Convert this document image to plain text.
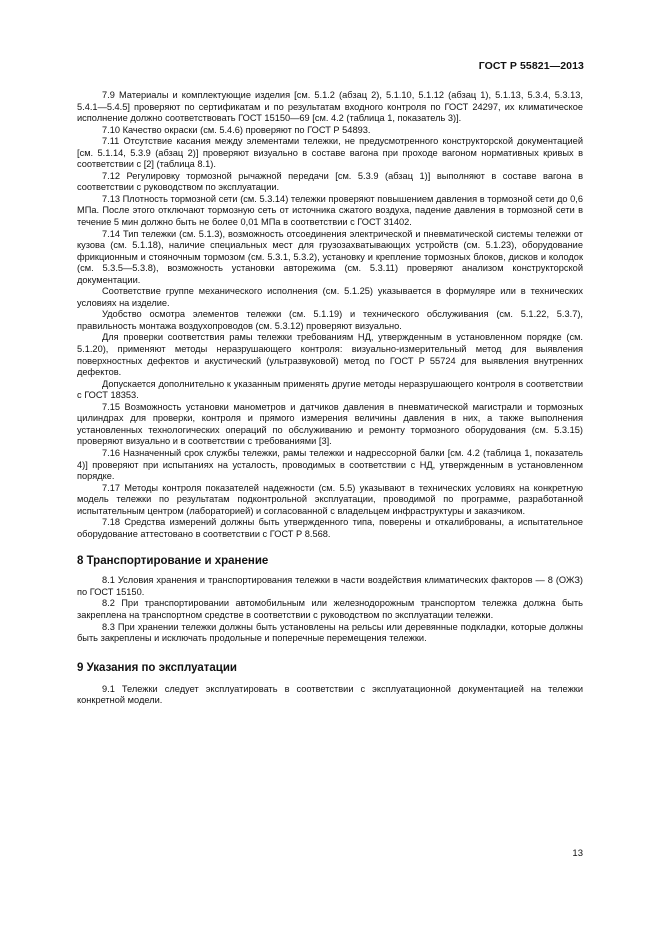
ГОСТ Р 55821—2013

7.9 Материалы и комплектующие изделия [см. 5.1.2 (абзац 2), 5.1.10, 5.1.12 (абзац 1), 5.1.13, 5.3.4, 5.3.13, 5.4.1—5.4.5] проверяют по сертификатам и по результатам входного контроля по ГОСТ 24297, их климатическое исполнение должно соответствовать ГОСТ 15150—69 [см. 4.2 (таблица 1, показатель 3)].

7.10 Качество окраски (см. 5.4.6) проверяют по ГОСТ Р 54893.

7.11 Отсутствие касания между элементами тележки, не предусмотренного конструкторской документацией [см. 5.1.14, 5.3.9 (абзац 2)] проверяют визуально в составе вагона при проходе вагоном нормативных кривых в соответствии с [2] (таблица 8.1).

7.12 Регулировку тормозной рычажной передачи [см. 5.3.9 (абзац 1)] выполняют в составе вагона в соответствии с руководством по эксплуатации.

7.13 Плотность тормозной сети (см. 5.3.14) тележки проверяют повышением давления в тормозной сети до 0,6 МПа. После этого отключают тормозную сеть от источника сжатого воздуха, падение давления в тормозной сети в течение 5 мин должно быть не более 0,01 МПа в соответствии с ГОСТ 31402.

7.14 Тип тележки (см. 5.1.3), возможность отсоединения электрической и пневматической системы тележки от кузова (см. 5.1.18), наличие специальных мест для грузозахватывающих устройств (см. 5.1.23), оборудование фрикционным и стояночным тормозом (см. 5.3.1, 5.3.2), установку и крепление тормозных блоков, дисков и колодок (см. 5.3.5—5.3.8), возможность установки авторежима (см. 5.3.11) проверяют анализом конструкторской документации.

Соответствие группе механического исполнения (см. 5.1.25) указывается в формуляре или в технических условиях на изделие.

Удобство осмотра элементов тележки (см. 5.1.19) и технического обслуживания (см. 5.1.22, 5.3.7), правильность монтажа воздухопроводов (см. 5.3.12) проверяют визуально.

Для проверки соответствия рамы тележки требованиям НД, утвержденным в установленном порядке (см. 5.1.20), применяют методы неразрушающего контроля: визуально-измерительный метод для выявления поверхностных дефектов и акустический (ультразвуковой) метод по ГОСТ Р 55724 для выявления внутренних дефектов.

Допускается дополнительно к указанным применять другие методы неразрушающего контроля в соответствии с ГОСТ 18353.

7.15 Возможность установки манометров и датчиков давления в пневматической магистрали и тормозных цилиндрах для проверки, контроля и прямого измерения величины давления в них, а также выполнения установленных технологических операций по обслуживанию и ремонту тормозного оборудования (см. 5.3.15) проверяют визуально и в соответствии с требованиями [3].

7.16 Назначенный срок службы тележки, рамы тележки и надрессорной балки [см. 4.2 (таблица 1, показатель 4)] проверяют при испытаниях на усталость, проводимых в соответствии с НД, утвержденным в установленном порядке.

7.17 Методы контроля показателей надежности (см. 5.5) указывают в технических условиях на конкретную модель тележки по результатам подконтрольной эксплуатации, проводимой по программе, разработанной испытательным центром (лабораторией) и согласованной с владельцем инфраструктуры и заказчиком.

7.18 Средства измерений должны быть утвержденного типа, поверены и откалиброваны, а испытательное оборудование аттестовано в соответствии с ГОСТ Р 8.568.

8 Транспортирование и хранение

8.1 Условия хранения и транспортирования тележки в части воздействия климатических факторов — 8 (ОЖЗ) по ГОСТ 15150.

8.2 При транспортировании автомобильным или железнодорожным транспортом тележка должна быть закреплена на транспортном средстве в соответствии с руководством по эксплуатации тележки.

8.3 При хранении тележки должны быть установлены на рельсы или деревянные подкладки, которые должны быть закреплены и исключать продольные и поперечные перемещения тележки.

9 Указания по эксплуатации

9.1 Тележки следует эксплуатировать в соответствии с эксплуатационной документацией на тележки конкретной модели.

13
